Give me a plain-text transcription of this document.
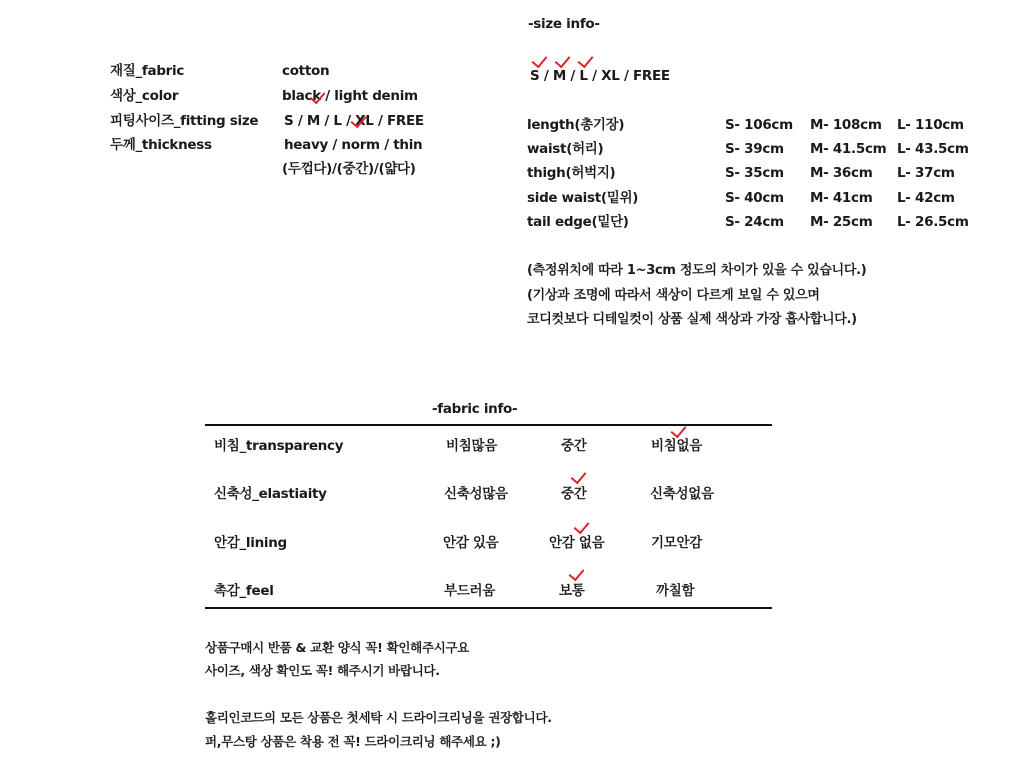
재질_fabric	cotton
색상_color	black / light denim
피팅사이즈_fitting size S / M / L / XL / FREE
두께_thickness	heavy / norm / thin
(두껍다)/(중간)/(얇다)
-size info-
S / M / L / XL / FREE
length(총기장)	S- 106cm M- 108cm L- 110cm
waist(허리)	S- 39cm M- 41.5cm L- 43.5cm
thigh(허벅지)	S- 35cm M- 36cm L- 37cm
side waist(밑위)	S- 40cm M- 41cm L- 42cm
tail edge(밑단)	S- 24cm M- 25cm L- 26.5cm
(측정위치에 따라 1~3cm 정도의 차이가 있을 수 있습니다.)
(기상과 조명에 따라서 색상이 다르게 보일 수 있으며
코디컷보다 디테일컷이 상품 실제 색상과 가장 흡사합니다.)
-fabric info-
비침_transparency	비침많음	중간	비침없음
신축성_elastiaity	신축성많음	중간	신축성없음
안감_lining	안감 있음	안감 없음	기모안감
촉감_feel	부드러움	보통	까칠함
상품구매시 반품 & 교환 양식 꼭! 확인해주시구요
사이즈, 색상 확인도 꼭! 해주시기 바랍니다.
홀리인코드의 모든 상품은 첫세탁 시 드라이크리닝을 권장합니다.
퍼,무스탕 상품은 착용 전 꼭! 드라이크리닝 해주세요 ;)
